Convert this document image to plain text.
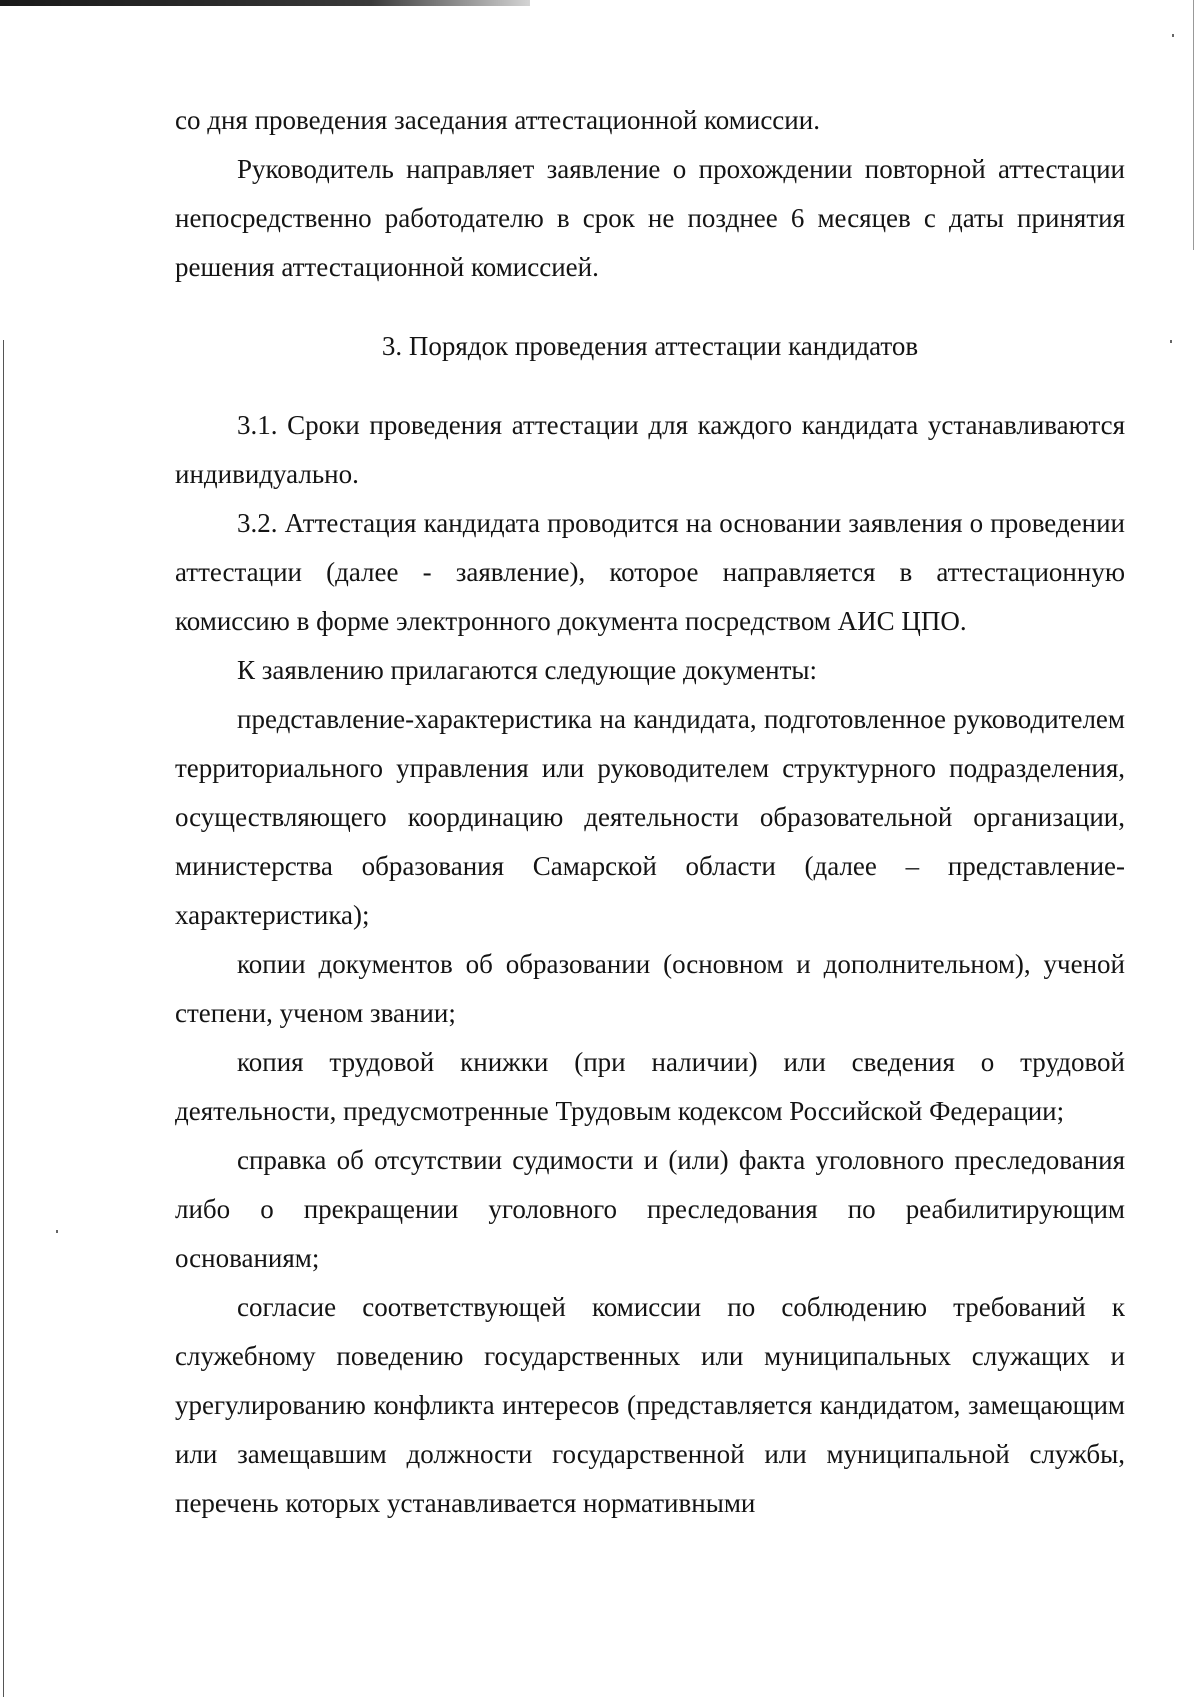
со дня проведения заседания аттестационной комиссии.

Руководитель направляет заявление о прохождении повторной аттестации непосредственно работодателю в срок не позднее 6 месяцев с даты принятия решения аттестационной комиссией.

3. Порядок проведения аттестации кандидатов

3.1. Сроки проведения аттестации для каждого кандидата устанавливаются индивидуально.

3.2. Аттестация кандидата проводится на основании заявления о проведении аттестации (далее - заявление), которое направляется в аттестационную комиссию в форме электронного документа посредством АИС ЦПО.

К заявлению прилагаются следующие документы:

представление-характеристика на кандидата, подготовленное руководителем территориального управления или руководителем структурного подразделения, осуществляющего координацию деятельности образовательной организации, министерства образования Самарской области (далее – представление-характеристика);

копии документов об образовании (основном и дополнительном), ученой степени, ученом звании;

копия трудовой книжки (при наличии) или сведения о трудовой деятельности, предусмотренные Трудовым кодексом Российской Федерации;

справка об отсутствии судимости и (или) факта уголовного преследования либо о прекращении уголовного преследования по реабилитирующим основаниям;

согласие соответствующей комиссии по соблюдению требований к служебному поведению государственных или муниципальных служащих и урегулированию конфликта интересов (представляется кандидатом, замещающим или замещавшим должности государственной или муниципальной службы, перечень которых устанавливается нормативными
